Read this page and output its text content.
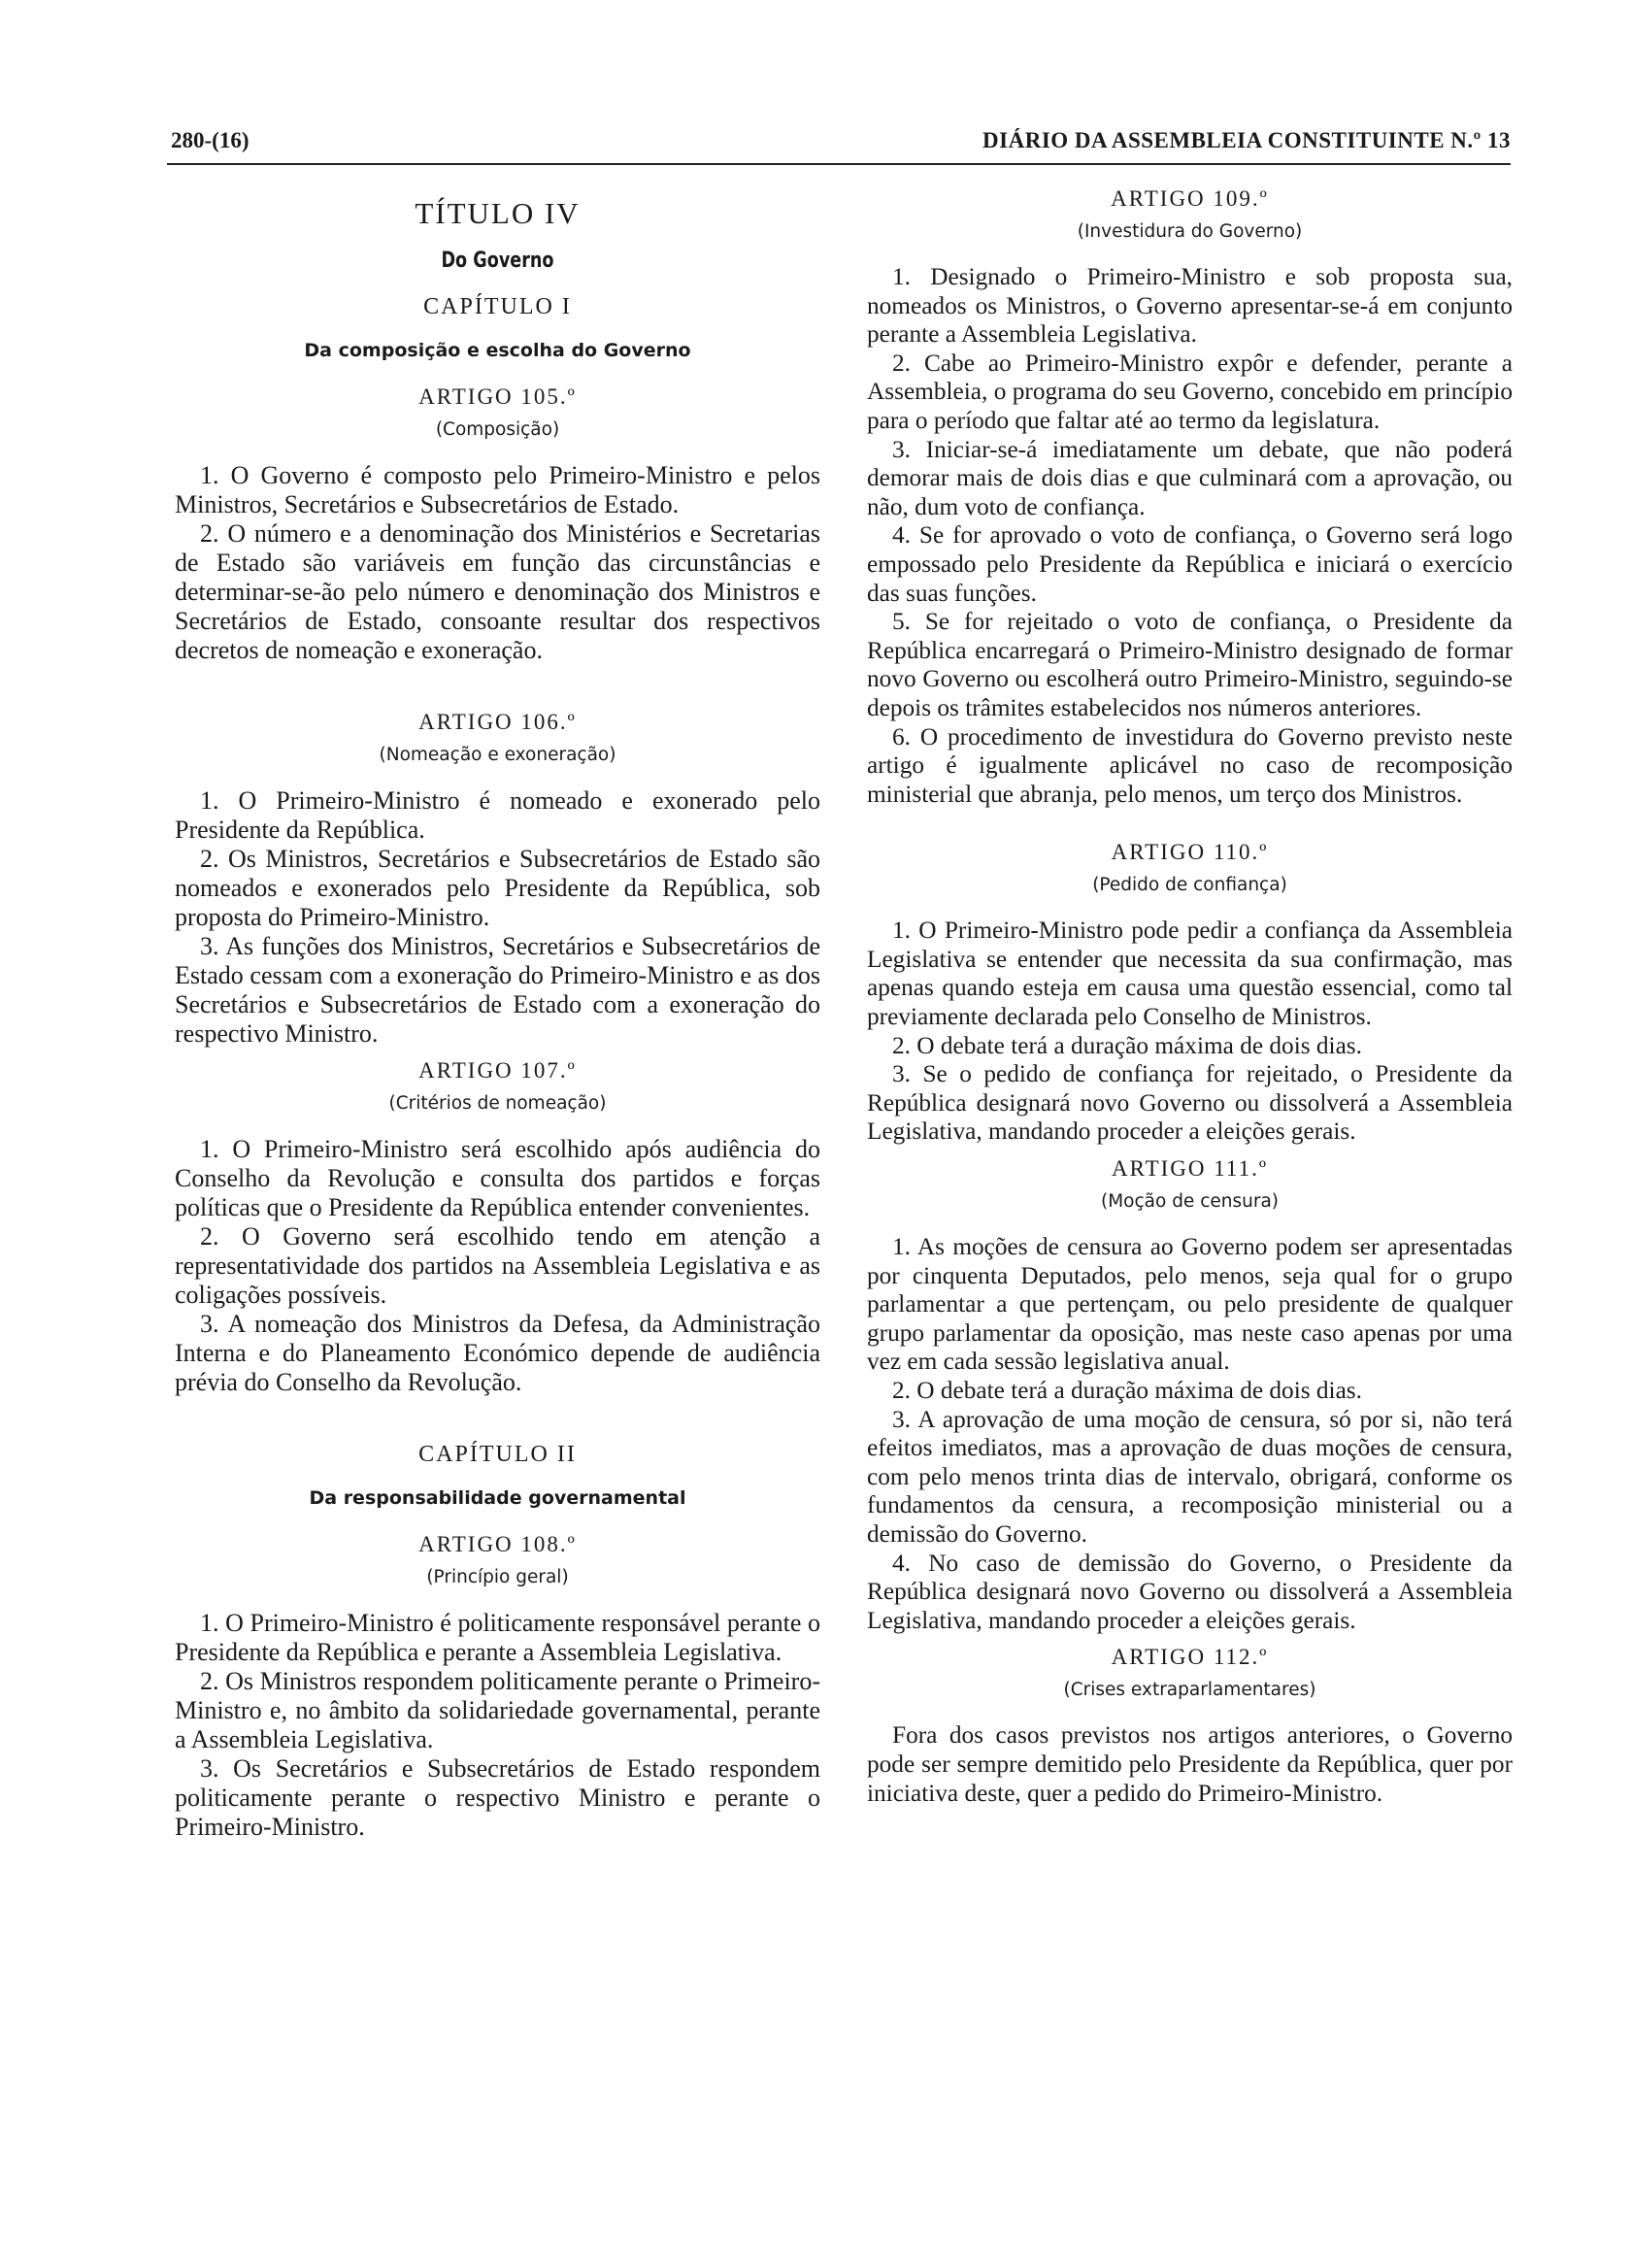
280-(16)	DIÁRIO DA ASSEMBLEIA CONSTITUINTE N.º 13
TÍTULO IV
Do Governo
CAPÍTULO I
Da composição e escolha do Governo
ARTIGO 105.º
(Composição)

1. O Governo é composto pelo Primeiro-Ministro e pelos Ministros, Secretários e Subsecretários de Estado.

2. O número e a denominação dos Ministérios e Secretarias de Estado são variáveis em função das circunstâncias e determinar-se-ão pelo número e denominação dos Ministros e Secretários de Estado, consoante resultar dos respectivos decretos de nomeação e exoneração.

ARTIGO 106.º
(Nomeação e exoneração)

1. O Primeiro-Ministro é nomeado e exonerado pelo Presidente da República.

2. Os Ministros, Secretários e Subsecretários de Estado são nomeados e exonerados pelo Presidente da República, sob proposta do Primeiro-Ministro.

3. As funções dos Ministros, Secretários e Subsecretários de Estado cessam com a exoneração do Primeiro-Ministro e as dos Secretários e Subsecretários de Estado com a exoneração do respectivo Ministro.

ARTIGO 107.º
(Critérios de nomeação)

1. O Primeiro-Ministro será escolhido após audiência do Conselho da Revolução e consulta dos partidos e forças políticas que o Presidente da República entender convenientes.

2. O Governo será escolhido tendo em atenção a representatividade dos partidos na Assembleia Legislativa e as coligações possíveis.

3. A nomeação dos Ministros da Defesa, da Administração Interna e do Planeamento Económico depende de audiência prévia do Conselho da Revolução.

CAPÍTULO II
Da responsabilidade governamental
ARTIGO 108.º
(Princípio geral)

1. O Primeiro-Ministro é politicamente responsável perante o Presidente da República e perante a Assembleia Legislativa.

2. Os Ministros respondem politicamente perante o Primeiro-Ministro e, no âmbito da solidariedade governamental, perante a Assembleia Legislativa.

3. Os Secretários e Subsecretários de Estado respondem politicamente perante o respectivo Ministro e perante o Primeiro-Ministro.

ARTIGO 109.º
(Investidura do Governo)

1. Designado o Primeiro-Ministro e sob proposta sua, nomeados os Ministros, o Governo apresentar-se-á em conjunto perante a Assembleia Legislativa.

2. Cabe ao Primeiro-Ministro expôr e defender, perante a Assembleia, o programa do seu Governo, concebido em princípio para o período que faltar até ao termo da legislatura.

3. Iniciar-se-á imediatamente um debate, que não poderá demorar mais de dois dias e que culminará com a aprovação, ou não, dum voto de confiança.

4. Se for aprovado o voto de confiança, o Governo será logo empossado pelo Presidente da República e iniciará o exercício das suas funções.

5. Se for rejeitado o voto de confiança, o Presidente da República encarregará o Primeiro-Ministro designado de formar novo Governo ou escolherá outro Primeiro-Ministro, seguindo-se depois os trâmites estabelecidos nos números anteriores.

6. O procedimento de investidura do Governo previsto neste artigo é igualmente aplicável no caso de recomposição ministerial que abranja, pelo menos, um terço dos Ministros.

ARTIGO 110.º
(Pedido de confiança)

1. O Primeiro-Ministro pode pedir a confiança da Assembleia Legislativa se entender que necessita da sua confirmação, mas apenas quando esteja em causa uma questão essencial, como tal previamente declarada pelo Conselho de Ministros.

2. O debate terá a duração máxima de dois dias.

3. Se o pedido de confiança for rejeitado, o Presidente da República designará novo Governo ou dissolverá a Assembleia Legislativa, mandando proceder a eleições gerais.

ARTIGO 111.º
(Moção de censura)

1. As moções de censura ao Governo podem ser apresentadas por cinquenta Deputados, pelo menos, seja qual for o grupo parlamentar a que pertençam, ou pelo presidente de qualquer grupo parlamentar da oposição, mas neste caso apenas por uma vez em cada sessão legislativa anual.

2. O debate terá a duração máxima de dois dias.

3. A aprovação de uma moção de censura, só por si, não terá efeitos imediatos, mas a aprovação de duas moções de censura, com pelo menos trinta dias de intervalo, obrigará, conforme os fundamentos da censura, a recomposição ministerial ou a demissão do Governo.

4. No caso de demissão do Governo, o Presidente da República designará novo Governo ou dissolverá a Assembleia Legislativa, mandando proceder a eleições gerais.

ARTIGO 112.º
(Crises extraparlamentares)

Fora dos casos previstos nos artigos anteriores, o Governo pode ser sempre demitido pelo Presidente da República, quer por iniciativa deste, quer a pedido do Primeiro-Ministro.
